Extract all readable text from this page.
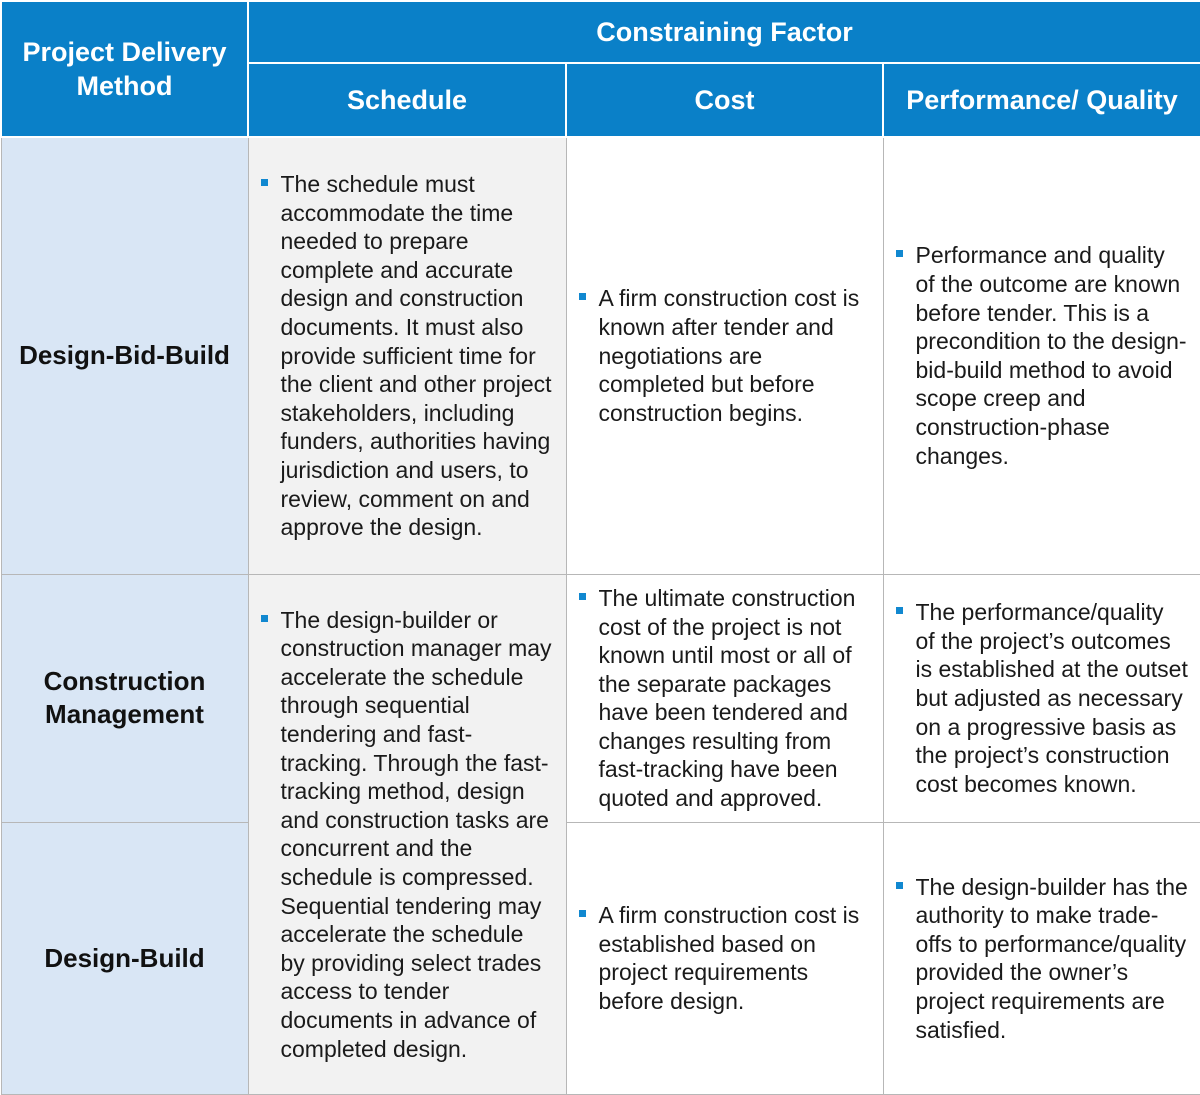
Project Delivery Method	Constraining Factor		
	Schedule	Cost	Performance/ Quality
Design-Bid-Build	The schedule must accommodate the time needed to prepare complete and accurate design and construction documents. It must also provide sufficient time for the client and other project stakeholders, including funders, authorities having jurisdiction and users, to review, comment on and approve the design.	A firm construction cost is known after tender and negotiations are completed but before construction begins.	Performance and quality of the outcome are known before tender. This is a precondition to the design-bid-build method to avoid scope creep and construction-phase changes.

Construction Management	The design-builder or construction manager may accelerate the schedule through sequential tendering and fast-tracking. Through the fast-tracking method, design and construction tasks are concurrent and the schedule is compressed. Sequential tendering may accelerate the schedule by providing select trades access to tender documents in advance of completed design.	The ultimate construction cost of the project is not known until most or all of the separate packages have been tendered and changes resulting from fast-tracking have been quoted and approved.	The performance/quality of the project’s outcomes is established at the outset but adjusted as necessary on a progressive basis as the project’s construction cost becomes known.

Design-Build		A firm construction cost is established based on project requirements before design.	The design-builder has the authority to make trade-offs to performance/quality provided the owner’s project requirements are satisfied.
